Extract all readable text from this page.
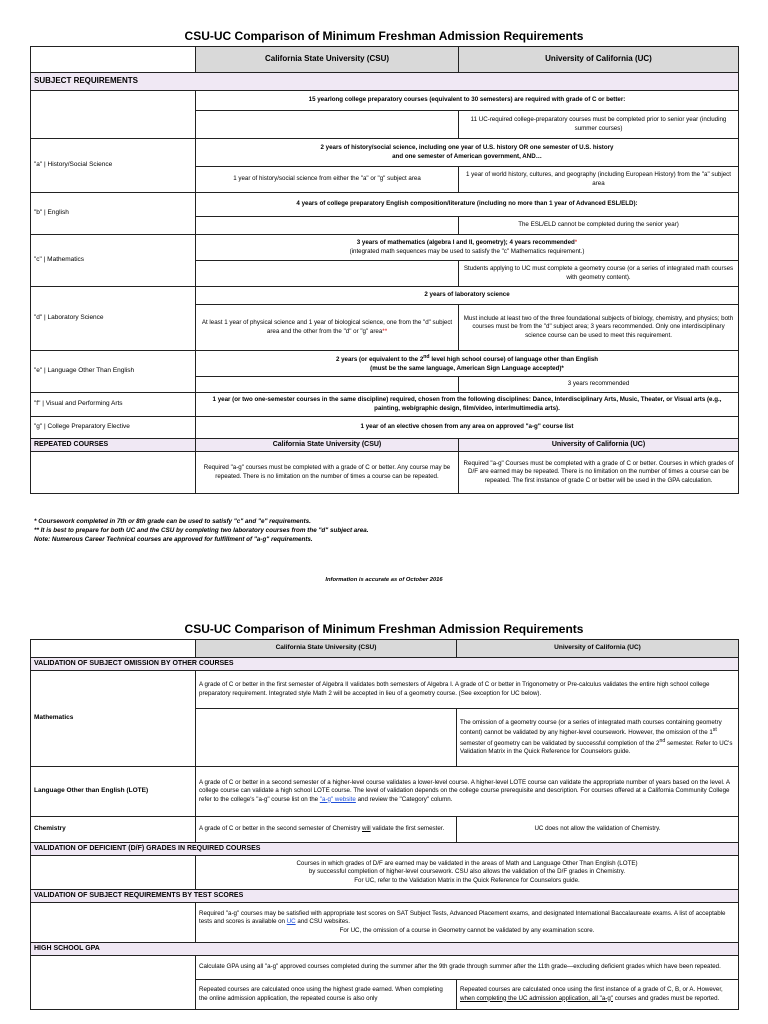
CSU-UC Comparison of Minimum Freshman Admission Requirements
	California State University (CSU)	University of California (UC)
SUBJECT REQUIREMENTS		
	15 yearlong college preparatory courses (equivalent to 30 semesters) are required with grade of C or better:	
		11 UC-required college-preparatory courses must be completed prior to senior year (including summer courses)
"a" | History/Social Science	2 years of history/social science, including one year of U.S. history OR one semester of U.S. history
and one semester of American government, AND…	
	1 year of history/social science from either the "a" or "g" subject area	1 year of world history, cultures, and geography (including European History) from the "a" subject area
"b" | English	4 years of college preparatory English composition/literature (including no more than 1 year of Advanced ESL/ELD):	
		The ESL/ELD cannot be completed during the senior year)
"c" | Mathematics	3 years of mathematics (algebra I and II, geometry); 4 years recommended*
(integrated math sequences may be used to satisfy the "c" Mathematics requirement.)	
		Students applying to UC must complete a geometry course (or a series of integrated math courses with geometry content).
"d" | Laboratory Science	2 years of laboratory science	
	At least 1 year of physical science and 1 year of biological science, one from the "d" subject area and the other from the "d" or "g" area**	Must include at least two of the three foundational subjects of biology, chemistry, and physics; both courses must be from the "d" subject area; 3 years recommended. Only one interdisciplinary science course can be used to meet this requirement.
"e" | Language Other Than English	2 years (or equivalent to the 2nd level high school course) of language other than English
(must be the same language, American Sign Language accepted)*	
		3 years recommended
"f" | Visual and Performing Arts	1 year (or two one-semester courses in the same discipline) required, chosen from the following disciplines: Dance, Interdisciplinary Arts, Music, Theater, or Visual arts (e.g., painting, web/graphic design, film/video, inter/multimedia arts).	
"g" | College Preparatory Elective	1 year of an elective chosen from any area on approved "a-g" course list	
REPEATED COURSES	California State University (CSU)	University of California (UC)
	Required "a-g" courses must be completed with a grade of C or better. Any course may be repeated. There is no limitation on the number of times a course can be repeated.	Required "a-g" Courses must be completed with a grade of C or better. Courses in which grades of D/F are earned may be repeated. There is no limitation on the number of times a course can be repeated. The first instance of grade C or better will be used in the GPA calculation.
* Coursework completed in 7th or 8th grade can be used to satisfy "c" and "e" requirements.
** It is best to prepare for both UC and the CSU by completing two laboratory courses from the "d" subject area.
Note: Numerous Career Technical courses are approved for fulfillment of "a-g" requirements.
Information is accurate as of October 2016
CSU-UC Comparison of Minimum Freshman Admission Requirements
	California State University (CSU)	University of California (UC)
VALIDATION OF SUBJECT OMISSION BY OTHER COURSES		
Mathematics	A grade of C or better in the first semester of Algebra II validates both semesters of Algebra I. A grade of C or better in Trigonometry or Pre-calculus validates the entire high school college preparatory requirement. Integrated style Math 2 will be accepted in lieu of a geometry course. (See exception for UC below).	
		The omission of a geometry course (or a series of integrated math courses containing geometry content) cannot be validated by any higher-level coursework. However, the omission of the 1st semester of geometry can be validated by successful completion of the 2nd semester. Refer to UC's Validation Matrix in the Quick Reference for Counselors guide.
Language Other than English (LOTE)	A grade of C or better in a second semester of a higher-level course validates a lower-level course. A higher-level LOTE course can validate the appropriate number of years based on the level. A college course can validate a high school LOTE course. The level of validation depends on the college course prerequisite and description. For courses offered at a California Community College refer to the college's "a-g" course list on the "a-g" website and review the "Category" column.	
Chemistry	A grade of C or better in the second semester of Chemistry will validate the first semester.	UC does not allow the validation of Chemistry.
VALIDATION OF DEFICIENT (D/F) GRADES IN REQUIRED COURSES		
	Courses in which grades of D/F are earned may be validated in the areas of Math and Language Other Than English (LOTE)
by successful completion of higher-level coursework. CSU also allows the validation of the D/F grades in Chemistry.
For UC, refer to the Validation Matrix in the Quick Reference for Counselors guide.	
VALIDATION OF SUBJECT REQUIREMENTS BY TEST SCORES		
	Required "a-g" courses may be satisfied with appropriate test scores on SAT Subject Tests, Advanced Placement exams, and designated International Baccalaureate exams. A list of acceptable tests and scores is available on UC and CSU websites.

For UC, the omission of a course in Geometry cannot be validated by any examination score.	

HIGH SCHOOL GPA		
	Calculate GPA using all "a-g" approved courses completed during the summer after the 9th grade through summer after the 11th grade—excluding deficient grades which have been repeated.	
	Repeated courses are calculated once using the highest grade earned. When completing the online admission application, the repeated course is also only	Repeated courses are calculated once using the first instance of a grade of C, B, or A. However, when completing the UC admission application, all "a-g" courses and grades must be reported.
